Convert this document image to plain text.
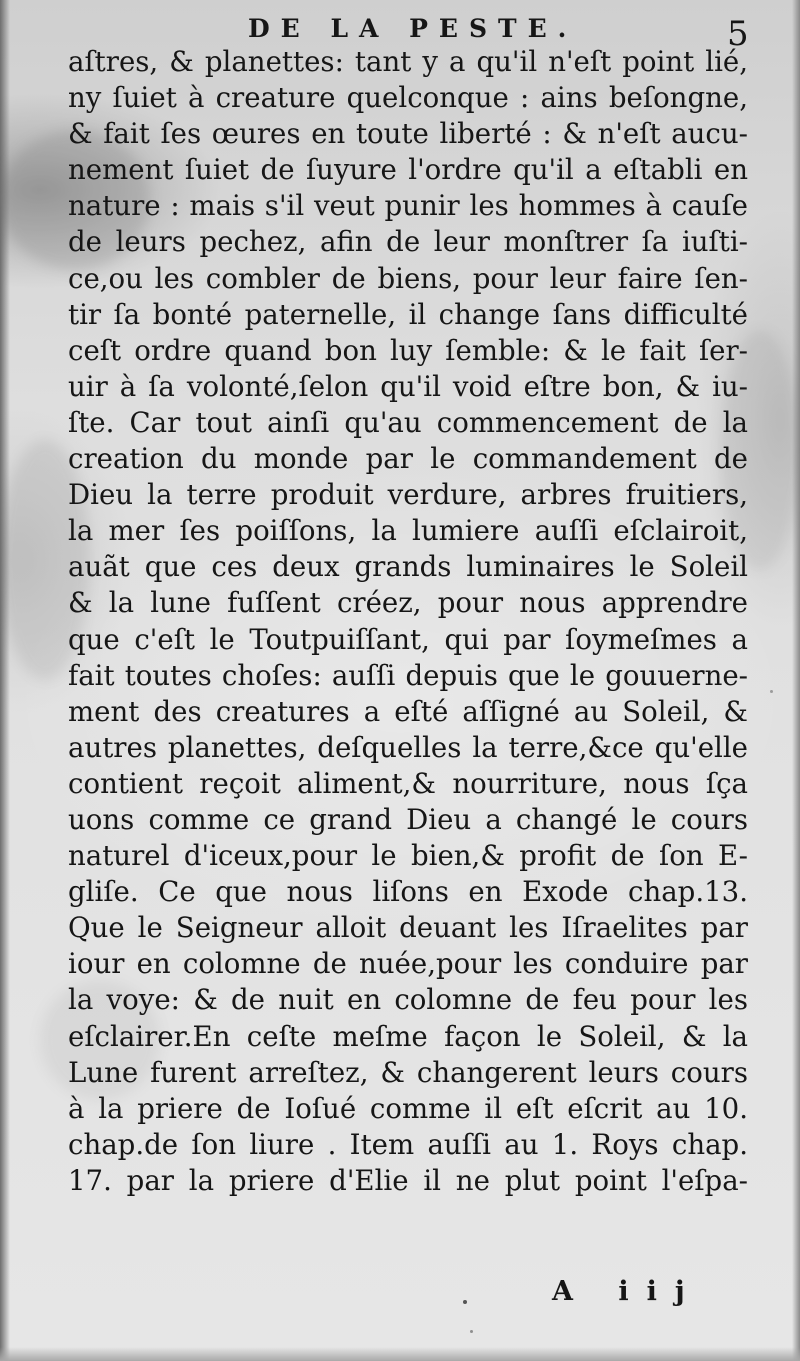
DE LA PESTE.	5
aſtres, & planettes: tant y a qu'il n'eſt point lié,
ny ſuiet à creature quelconque : ains beſongne,
& fait ſes œures en toute liberté : & n'eſt aucu-
nement ſuiet de ſuyure l'ordre qu'il a eſtabli en
nature : mais s'il veut punir les hommes à cauſe
de leurs pechez, afin de leur monſtrer ſa iuſti-
ce,ou les combler de biens, pour leur faire ſen-
tir ſa bonté paternelle, il change ſans difficulté
ceſt ordre quand bon luy ſemble: & le fait ſer-
uir à ſa volonté,ſelon qu'il void eſtre bon, & iu-
ſte. Car tout ainſi qu'au commencement de la
creation du monde par le commandement de
Dieu la terre produit verdure, arbres fruitiers,
la mer ſes poiſſons, la lumiere auſſi eſclairoit,
auãt que ces deux grands luminaires le Soleil
& la lune fuſſent créez, pour nous apprendre
que c'eſt le Toutpuiſſant, qui par ſoymeſmes a
fait toutes choſes: auſſi depuis que le gouuerne-
ment des creatures a eſté aſſigné au Soleil, &
autres planettes, deſquelles la terre,&ce qu'elle
contient reçoit aliment,& nourriture, nous ſça
uons comme ce grand Dieu a changé le cours
naturel d'iceux,pour le bien,& profit de ſon E-
gliſe. Ce que nous liſons en Exode chap.13.
Que le Seigneur alloit deuant les Iſraelites par
iour en colomne de nuée,pour les conduire par
la voye: & de nuit en colomne de feu pour les
eſclairer.En ceſte meſme façon le Soleil, & la
Lune furent arreſtez, & changerent leurs cours
à la priere de Ioſué comme il eſt eſcrit au 10.
chap.de ſon liure . Item auſſi au 1. Roys chap.
17. par la priere d'Elie il ne plut point l'eſpa-
A iij
